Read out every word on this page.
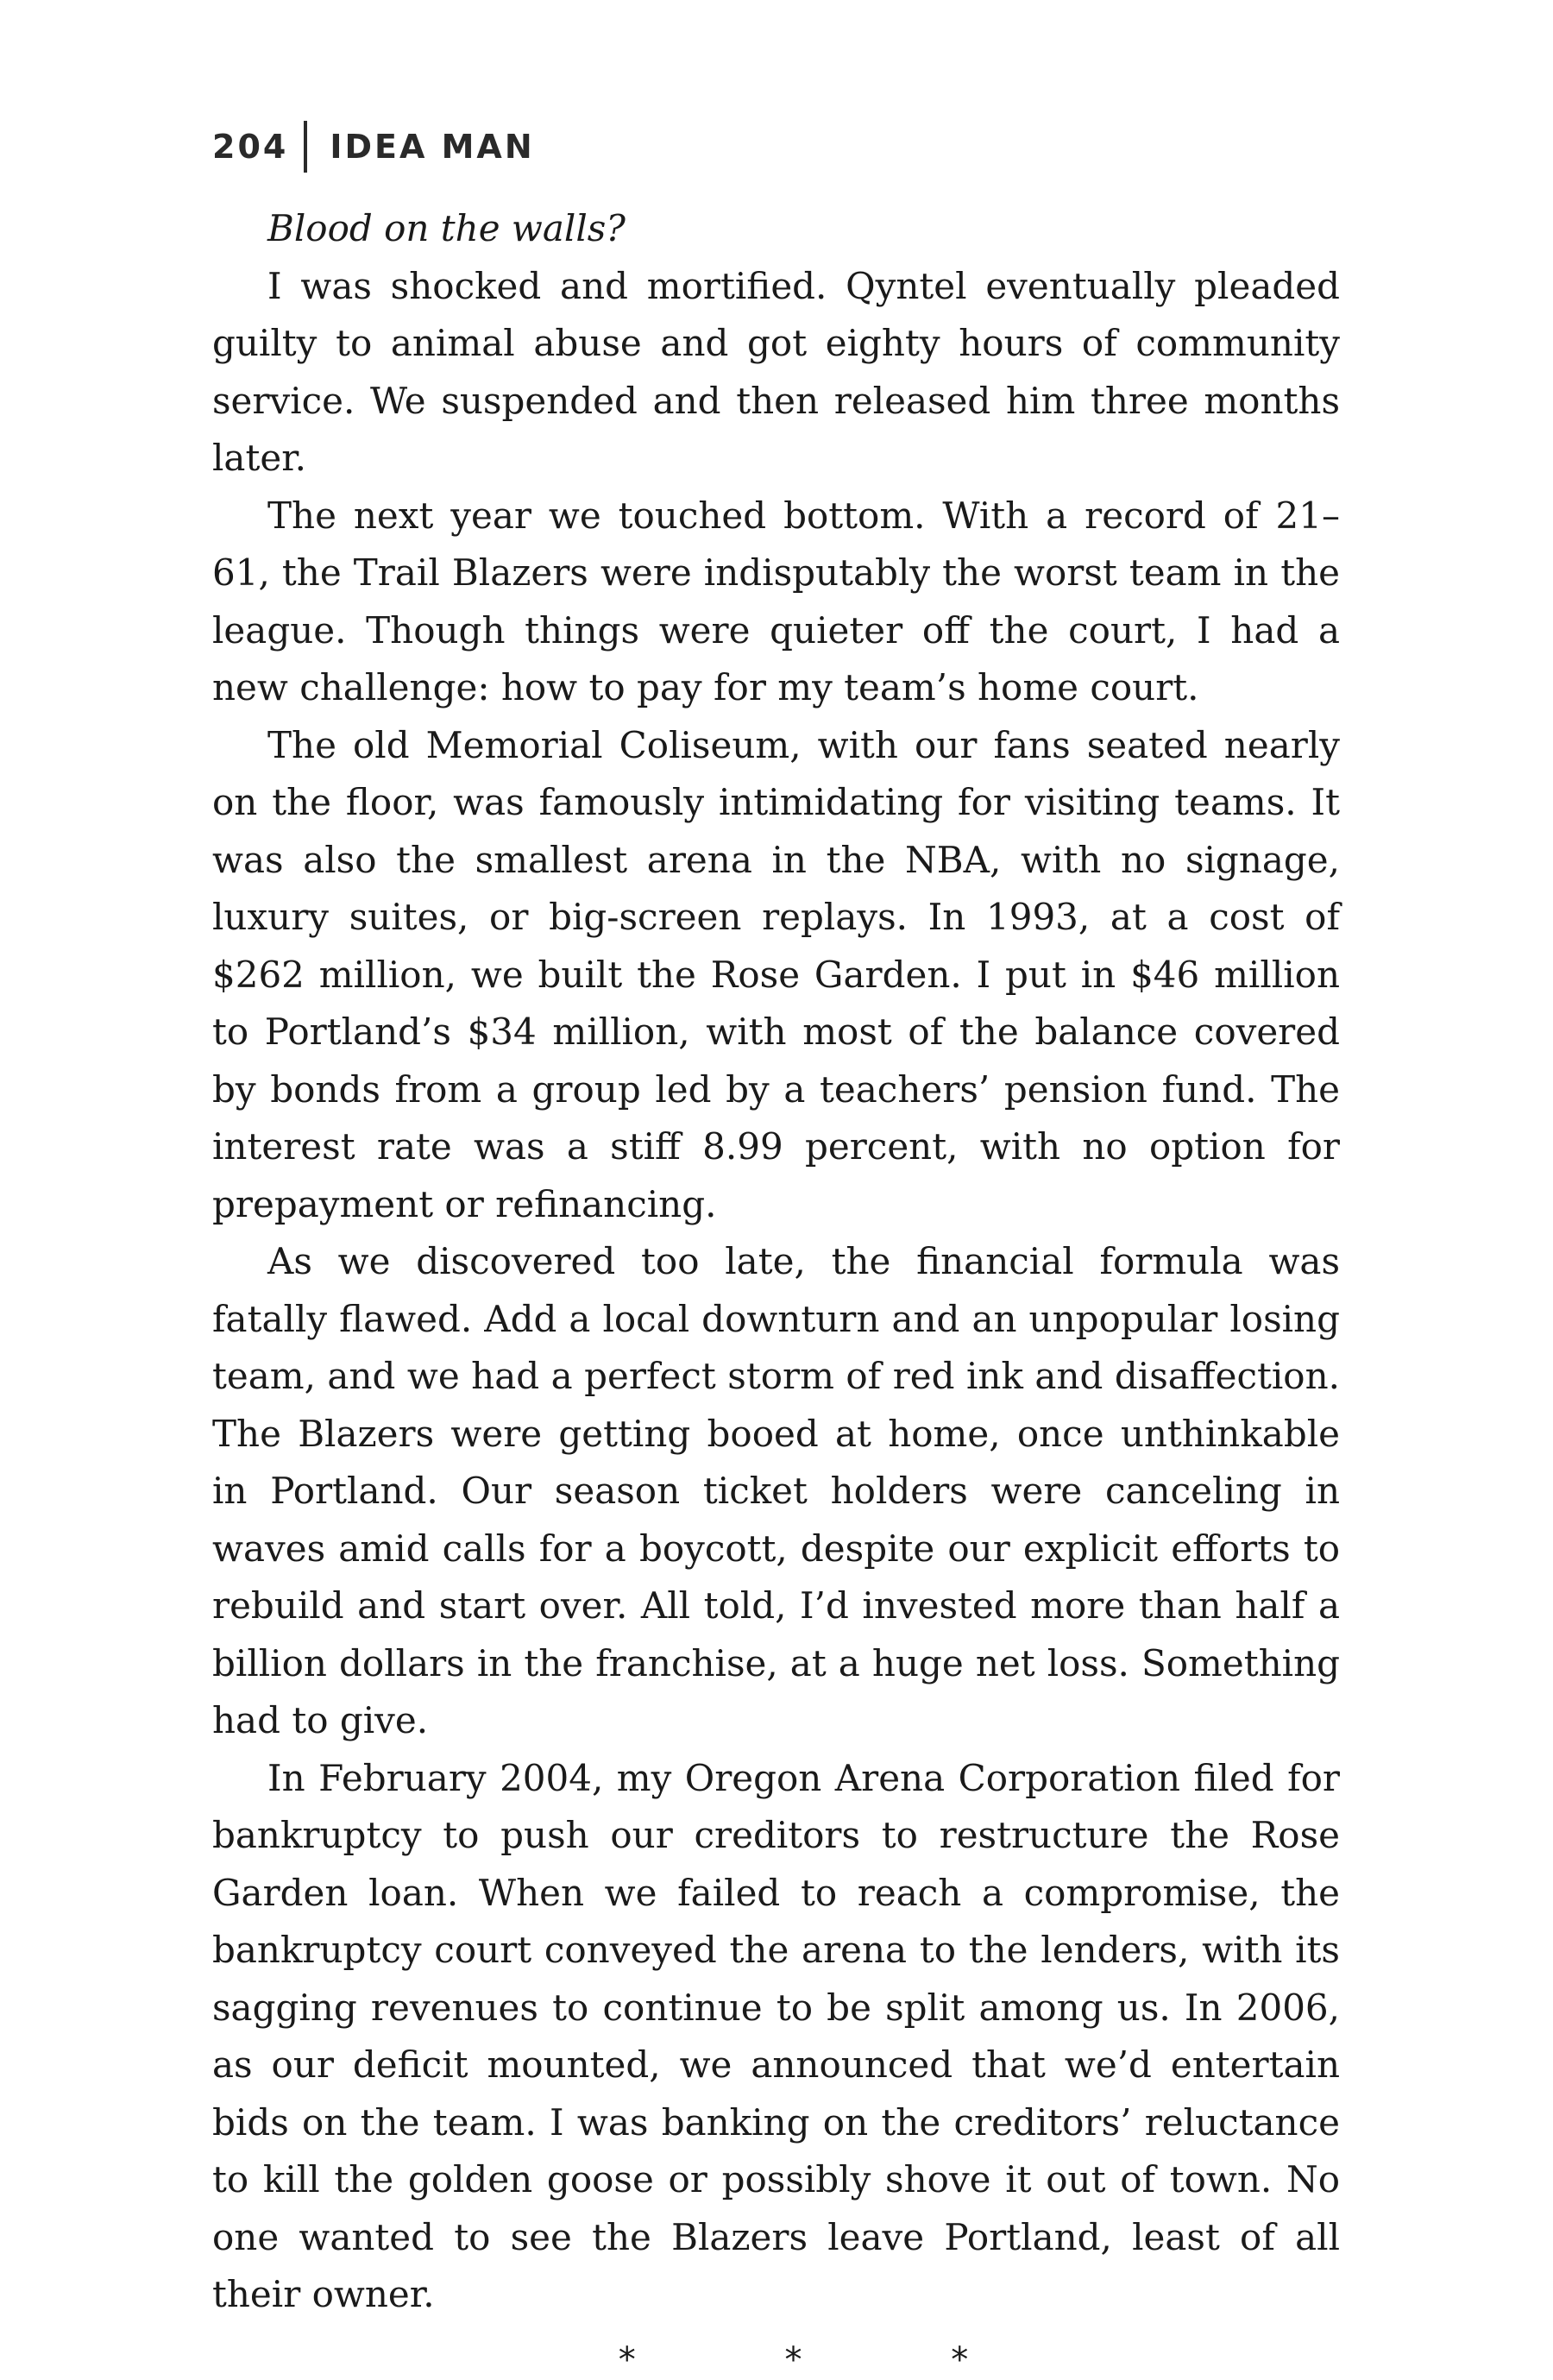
204	IDEA MAN

Blood on the walls?

I was shocked and mortified. Qyntel eventually pleaded guilty to animal abuse and got eighty hours of community service. We suspended and then released him three months later.

The next year we touched bottom. With a record of 21–61, the Trail Blazers were indisputably the worst team in the league. Though things were quieter off the court, I had a new challenge: how to pay for my team’s home court.

The old Memorial Coliseum, with our fans seated nearly on the floor, was famously intimidating for visiting teams. It was also the smallest arena in the NBA, with no signage, luxury suites, or big-screen replays. In 1993, at a cost of $262 million, we built the Rose Garden. I put in $46 million to Portland’s $34 million, with most of the balance covered by bonds from a group led by a teachers’ pension fund. The interest rate was a stiff 8.99 percent, with no option for prepayment or refinancing.

As we discovered too late, the financial formula was fatally flawed. Add a local downturn and an unpopular losing team, and we had a perfect storm of red ink and disaffection. The Blazers were getting booed at home, once unthinkable in Portland. Our season ticket holders were canceling in waves amid calls for a boycott, despite our explicit efforts to rebuild and start over. All told, I’d invested more than half a billion dollars in the franchise, at a huge net loss. Something had to give.

In February 2004, my Oregon Arena Corporation filed for bankruptcy to push our creditors to restructure the Rose Garden loan. When we failed to reach a compromise, the bankruptcy court conveyed the arena to the lenders, with its sagging revenues to continue to be split among us. In 2006, as our deficit mounted, we announced that we’d entertain bids on the team. I was banking on the creditors’ reluctance to kill the golden goose or possibly shove it out of town. No one wanted to see the Blazers leave Portland, least of all their owner.

* * *
